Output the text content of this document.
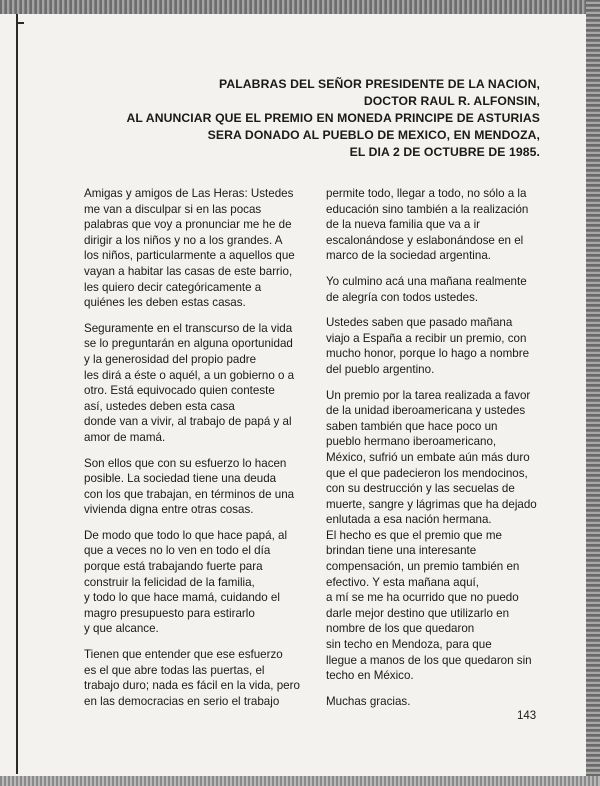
PALABRAS DEL SEÑOR PRESIDENTE DE LA NACION,
DOCTOR RAUL R. ALFONSIN,
AL ANUNCIAR QUE EL PREMIO EN MONEDA PRINCIPE DE ASTURIAS
SERA DONADO AL PUEBLO DE MEXICO, EN MENDOZA,
EL DIA 2 DE OCTUBRE DE 1985.
Amigas y amigos de Las Heras: Ustedes
me van a disculpar si en las pocas
palabras que voy a pronunciar me he de
dirigir a los niños y no a los grandes. A
los niños, particularmente a aquellos que
vayan a habitar las casas de este barrio,
les quiero decir categóricamente a
quiénes les deben estas casas.
Seguramente en el transcurso de la vida
se lo preguntarán en alguna oportunidad
y la generosidad del propio padre
les dirá a éste o aquél, a un gobierno o a
otro. Está equivocado quien conteste
así, ustedes deben esta casa
donde van a vivir, al trabajo de papá y al
amor de mamá.
Son ellos que con su esfuerzo lo hacen
posible. La sociedad tiene una deuda
con los que trabajan, en términos de una
vivienda digna entre otras cosas.
De modo que todo lo que hace papá, al
que a veces no lo ven en todo el día
porque está trabajando fuerte para
construir la felicidad de la familia,
y todo lo que hace mamá, cuidando el
magro presupuesto para estirarlo
y que alcance.
Tienen que entender que ese esfuerzo
es el que abre todas las puertas, el
trabajo duro; nada es fácil en la vida, pero
en las democracias en serio el trabajo
permite todo, llegar a todo, no sólo a la
educación sino también a la realización
de la nueva familia que va a ir
escalonándose y eslabonándose en el
marco de la sociedad argentina.
Yo culmino acá una mañana realmente
de alegría con todos ustedes.
Ustedes saben que pasado mañana
viajo a España a recibir un premio, con
mucho honor, porque lo hago a nombre
del pueblo argentino.
Un premio por la tarea realizada a favor
de la unidad iberoamericana y ustedes
saben también que hace poco un
pueblo hermano iberoamericano,
México, sufrió un embate aún más duro
que el que padecieron los mendocinos,
con su destrucción y las secuelas de
muerte, sangre y lágrimas que ha dejado
enlutada a esa nación hermana.
El hecho es que el premio que me
brindan tiene una interesante
compensación, un premio también en
efectivo. Y esta mañana aquí,
a mí se me ha ocurrido que no puedo
darle mejor destino que utilizarlo en
nombre de los que quedaron
sin techo en Mendoza, para que
llegue a manos de los que quedaron sin
techo en México.
Muchas gracias.
143
